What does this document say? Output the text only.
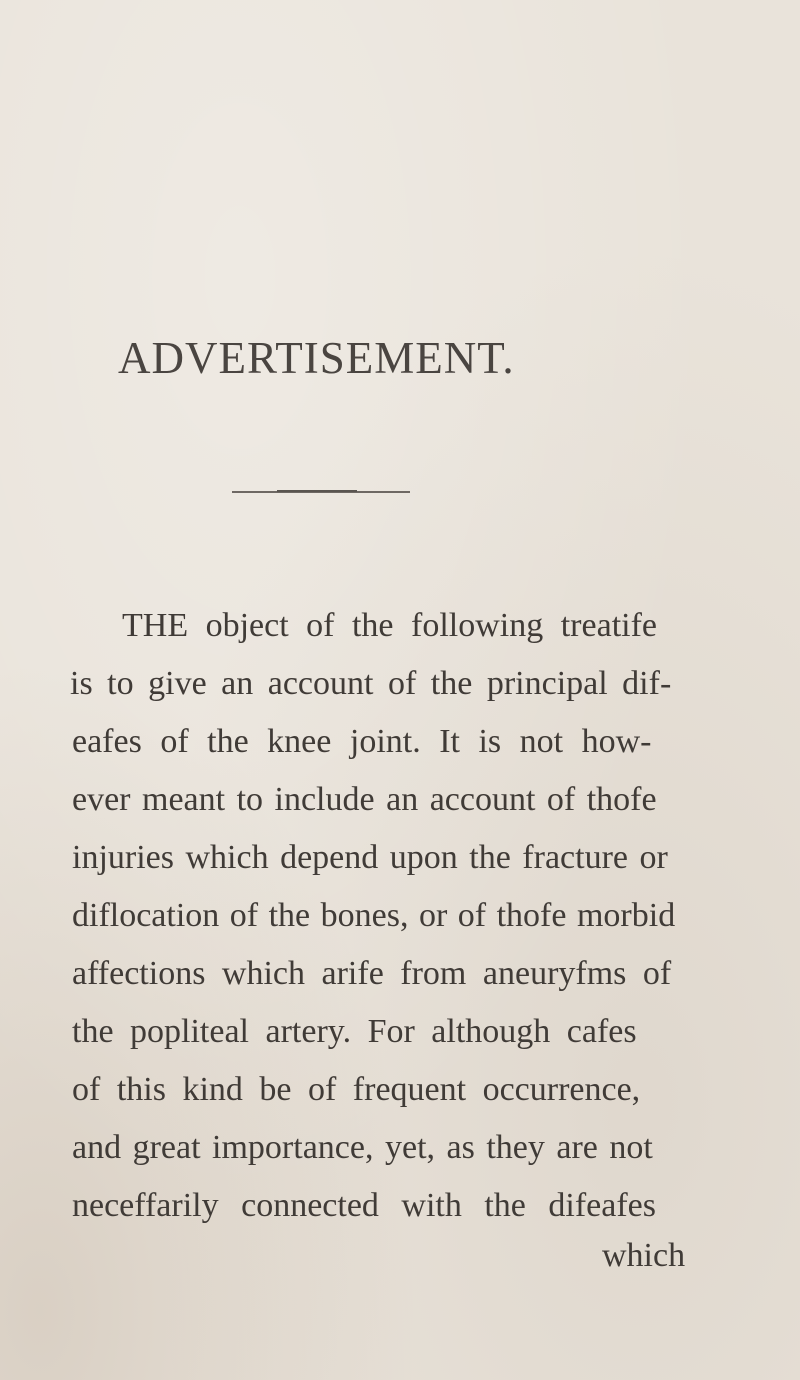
ADVERTISEMENT.

THE object of the following treatife

is to give an account of the principal dif-

eafes of the knee joint. It is not how-

ever meant to include an account of thofe

injuries which depend upon the fracture or

diflocation of the bones, or of thofe morbid

affections which arife from aneuryfms of

the popliteal artery. For although cafes

of this kind be of frequent occurrence,

and great importance, yet, as they are not

neceffarily connected with the difeafes

which
